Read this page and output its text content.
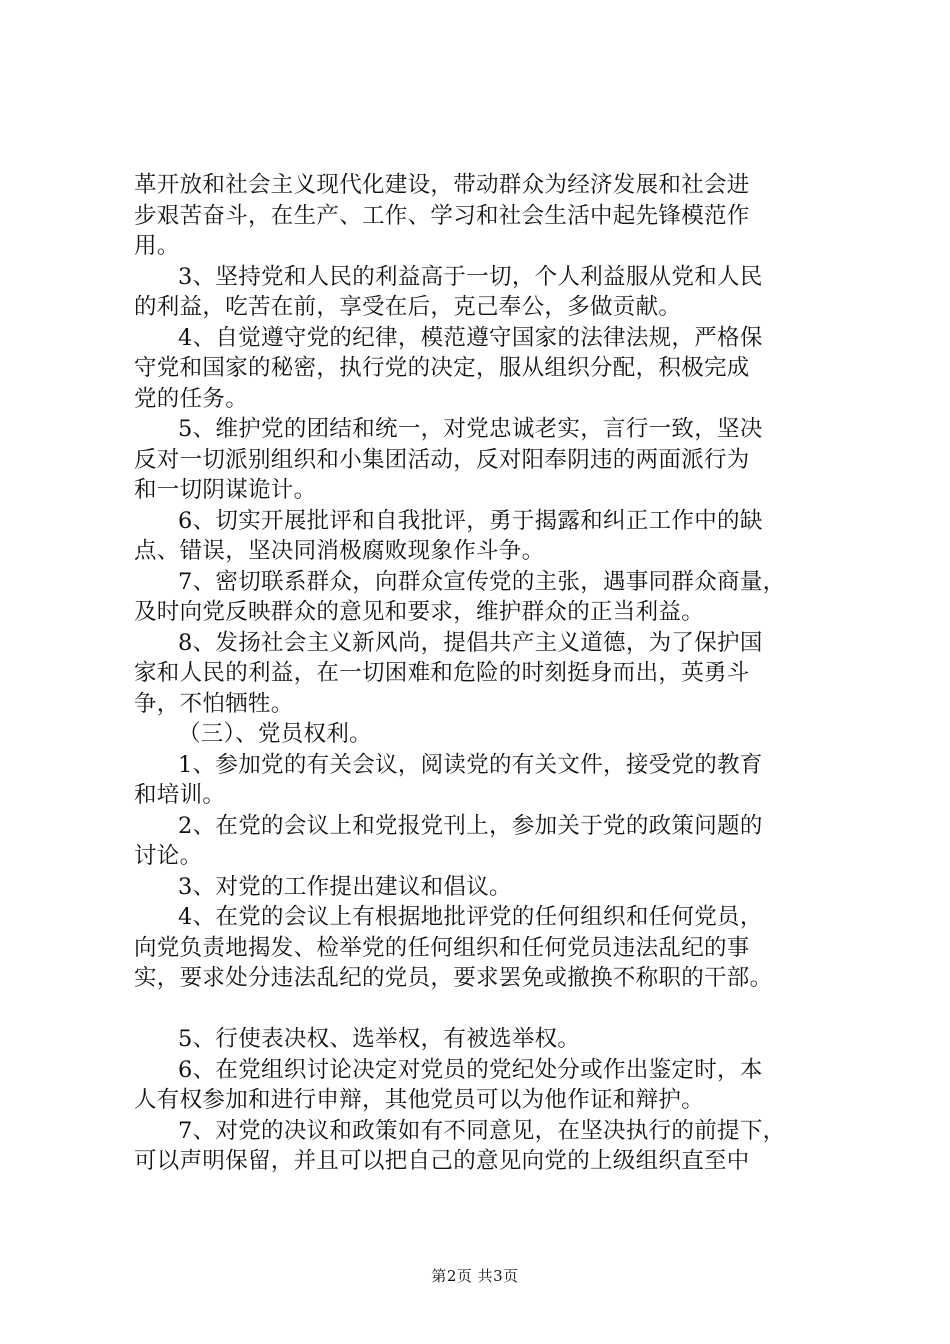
革开放和社会主义现代化建设，带动群众为经济发展和社会进
步艰苦奋斗，在生产、工作、学习和社会生活中起先锋模范作
用。
3、坚持党和人民的利益高于一切，个人利益服从党和人民
的利益，吃苦在前，享受在后，克己奉公，多做贡献。
4、自觉遵守党的纪律，模范遵守国家的法律法规，严格保
守党和国家的秘密，执行党的决定，服从组织分配，积极完成
党的任务。
5、维护党的团结和统一，对党忠诚老实，言行一致，坚决
反对一切派别组织和小集团活动，反对阳奉阴违的两面派行为
和一切阴谋诡计。
6、切实开展批评和自我批评，勇于揭露和纠正工作中的缺
点、错误，坚决同消极腐败现象作斗争。
7、密切联系群众，向群众宣传党的主张，遇事同群众商量，
及时向党反映群众的意见和要求，维护群众的正当利益。
8、发扬社会主义新风尚，提倡共产主义道德，为了保护国
家和人民的利益，在一切困难和危险的时刻挺身而出，英勇斗
争，不怕牺牲。
（三）、党员权利。
1、参加党的有关会议，阅读党的有关文件，接受党的教育
和培训。
2、在党的会议上和党报党刊上，参加关于党的政策问题的
讨论。
3、对党的工作提出建议和倡议。
4、在党的会议上有根据地批评党的任何组织和任何党员，
向党负责地揭发、检举党的任何组织和任何党员违法乱纪的事
实，要求处分违法乱纪的党员，要求罢免或撤换不称职的干部。
5、行使表决权、选举权，有被选举权。
6、在党组织讨论决定对党员的党纪处分或作出鉴定时，本
人有权参加和进行申辩，其他党员可以为他作证和辩护。
7、对党的决议和政策如有不同意见，在坚决执行的前提下，
可以声明保留，并且可以把自己的意见向党的上级组织直至中
第2页 共3页
